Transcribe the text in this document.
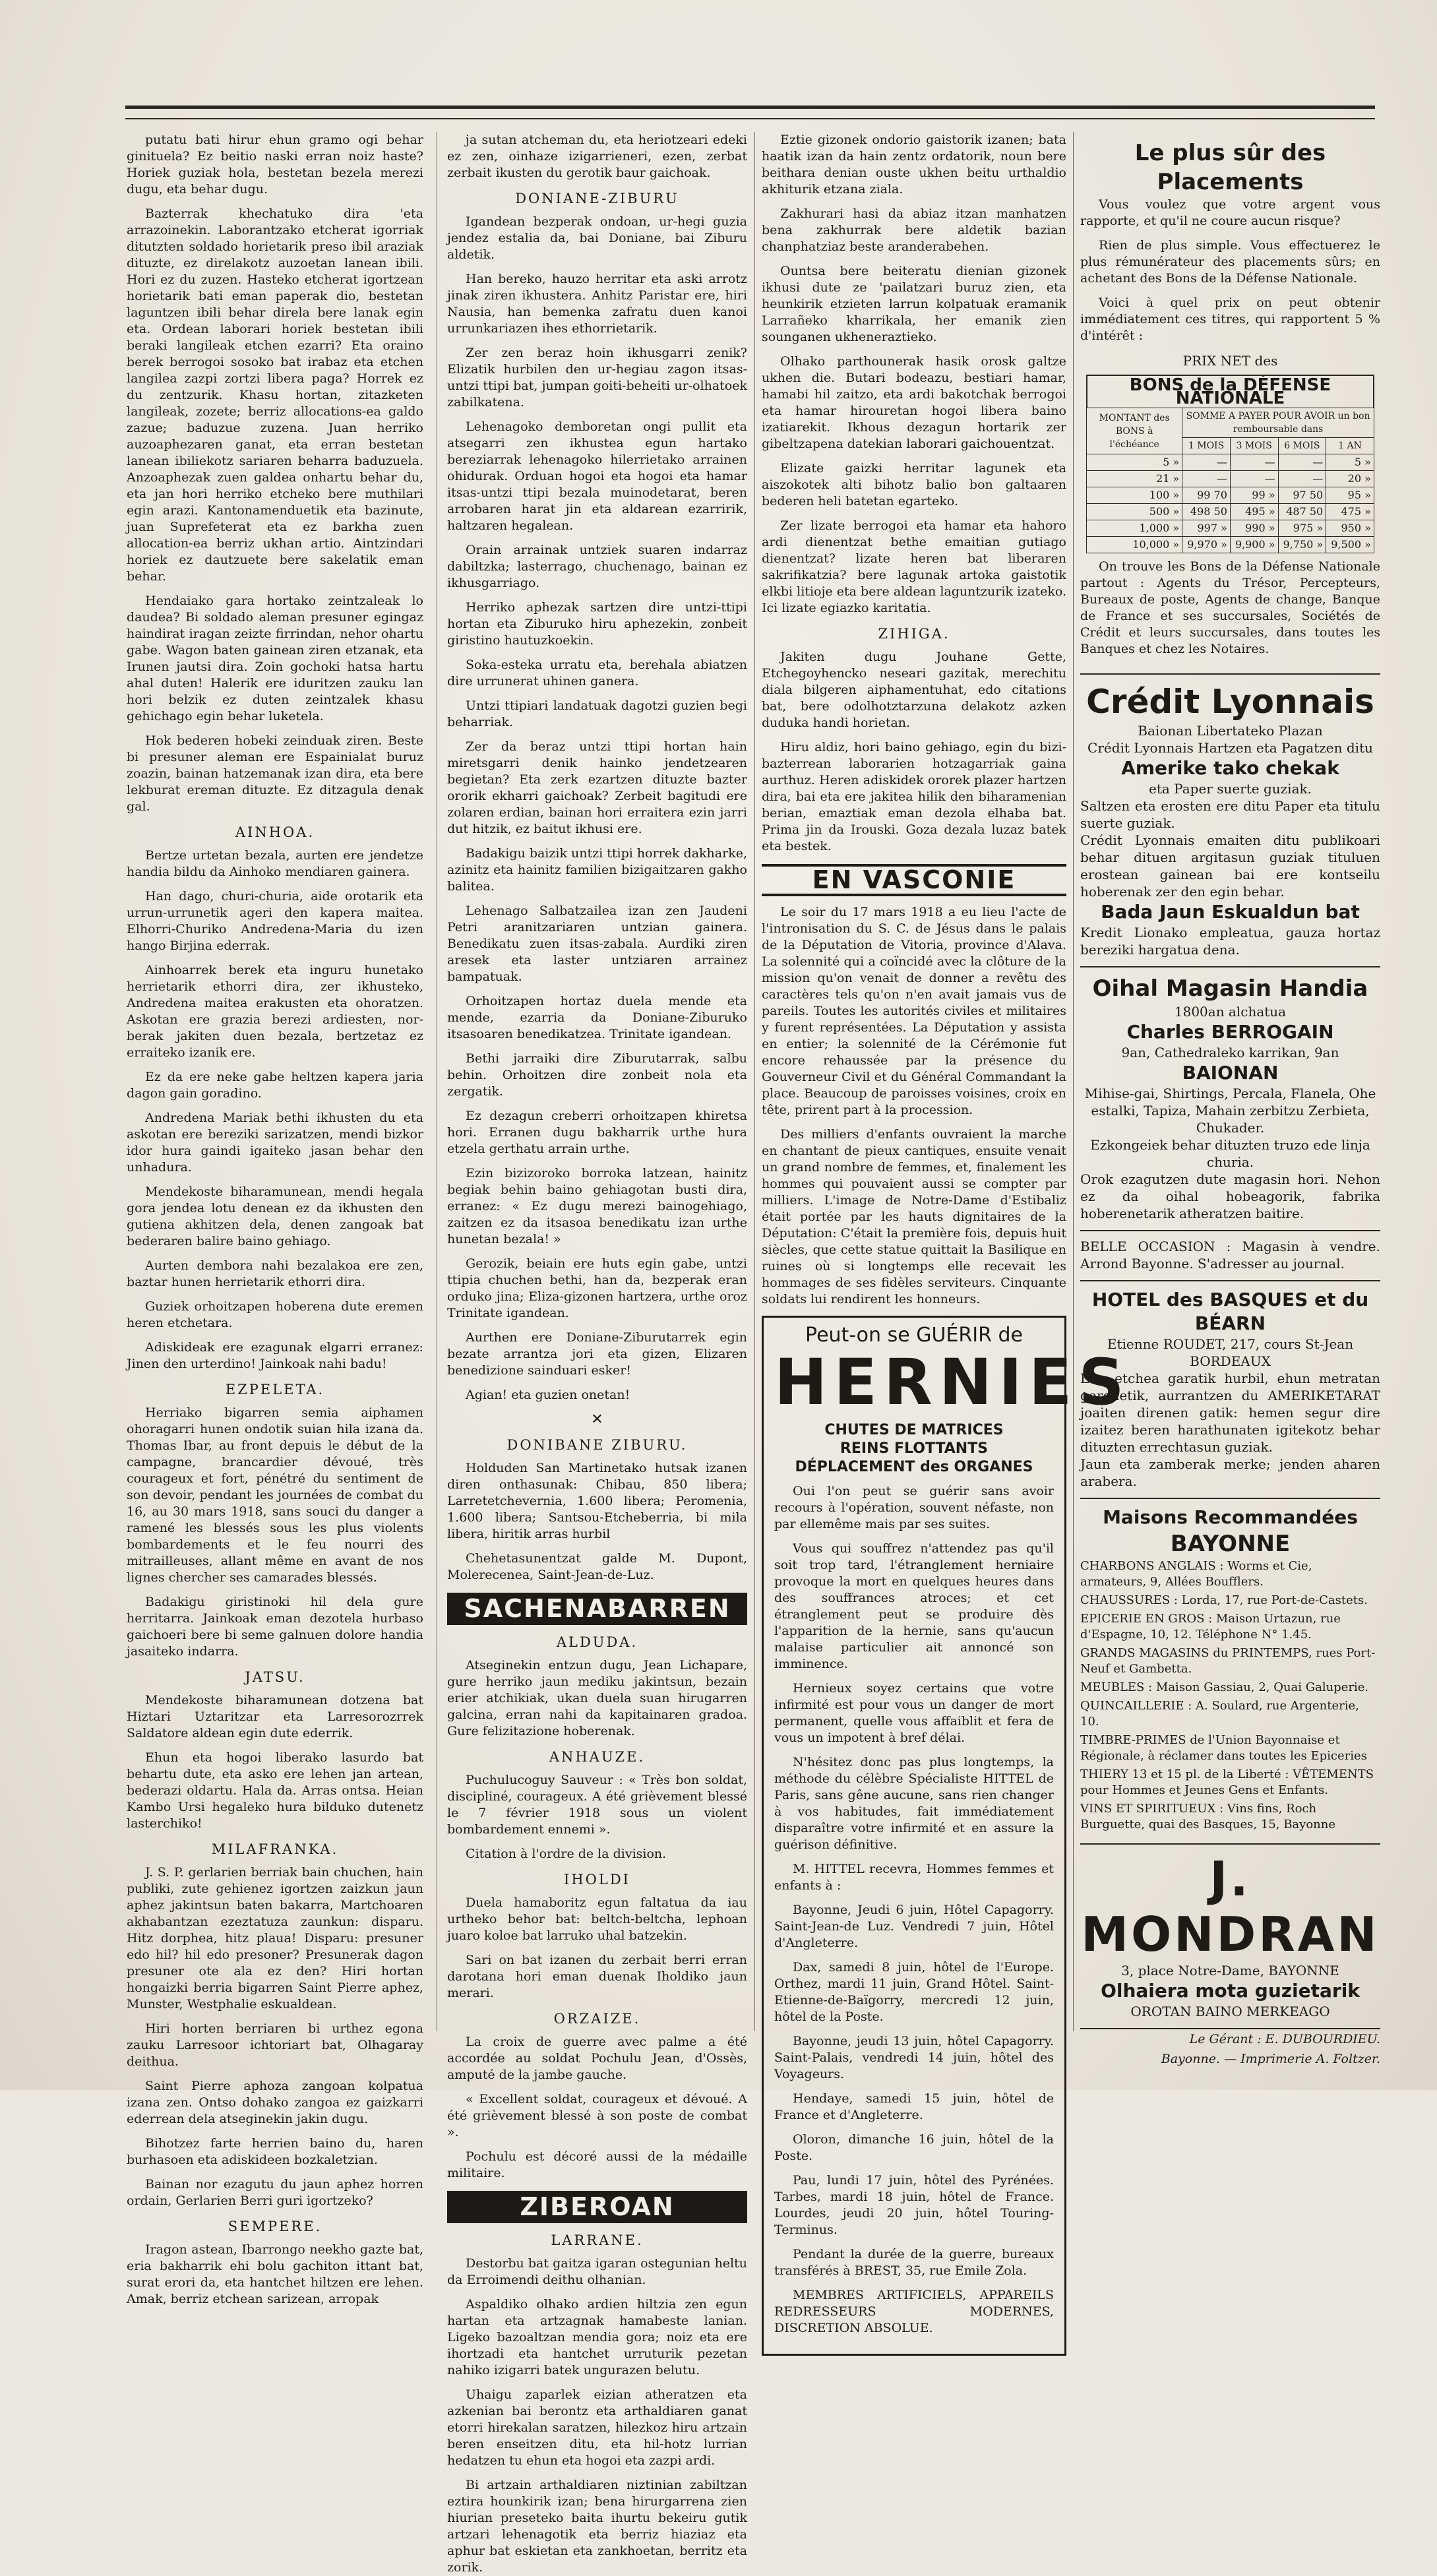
putatu bati hirur ehun gramo ogi behar ginituela? Ez beitio naski erran noiz haste? Horiek guziak hola, bestetan bezela merezi dugu, eta behar dugu.

Bazterrak khechatuko dira 'eta arrazoinekin. Laborantzako etcherat igorriak ditutzten soldado horietarik preso ibil araziak dituzte, ez direlakotz auzoetan lanean ibili. Hori ez du zuzen. Hasteko etcherat igortzean horietarik bati eman paperak dio, bestetan laguntzen ibili behar direla bere lanak egin eta. Ordean laborari horiek bestetan ibili beraki langileak etchen ezarri? Eta oraino berek berrogoi sosoko bat irabaz eta etchen langilea zazpi zortzi libera paga? Horrek ez du zentzurik. Khasu hortan, zitazketen langileak, zozete; berriz allocations-ea galdo zazue; baduzue zuzena. Juan herriko auzoaphezaren ganat, eta erran bestetan lanean ibiliekotz sariaren beharra baduzuela. Anzoaphezak zuen galdea onhartu behar du, eta jan hori herriko etcheko bere muthilari egin arazi. Kantonamenduetik eta bazinute, juan Suprefeterat eta ez barkha zuen allocation-ea berriz ukhan artio. Aintzindari horiek ez dautzuete bere sakelatik eman behar.

Hendaiako gara hortako zeintzaleak lo daudea? Bi soldado aleman presuner egingaz haindirat iragan zeizte firrindan, nehor ohartu gabe. Wagon baten gainean ziren etzanak, eta Irunen jautsi dira. Zoin gochoki hatsa hartu ahal duten! Halerik ere iduritzen zauku lan hori belzik ez duten zeintzalek khasu gehichago egin behar luketela.

Hok bederen hobeki zeinduak ziren. Beste bi presuner aleman ere Espainialat buruz zoazin, bainan hatzemanak izan dira, eta bere lekburat ereman dituzte. Ez ditzagula denak gal.

AINHOA.

Bertze urtetan bezala, aurten ere jendetze handia bildu da Ainhoko mendiaren gainera.

Han dago, churi-churia, aide orotarik eta urrun-urrunetik ageri den kapera maitea. Elhorri-Churiko Andredena-Maria du izen hango Birjina ederrak.

Ainhoarrek berek eta inguru hunetako herrietarik ethorri dira, zer ikhusteko, Andredena maitea erakusten eta ohoratzen. Askotan ere grazia berezi ardiesten, nor-berak jakiten duen bezala, bertzetaz ez erraiteko izanik ere.

Ez da ere neke gabe heltzen kapera jaria dagon gain goradino.

Andredena Mariak bethi ikhusten du eta askotan ere bereziki sarizatzen, mendi bizkor idor hura gaindi igaiteko jasan behar den unhadura.

Mendekoste biharamunean, mendi hegala gora jendea lotu denean ez da ikhusten den gutiena akhitzen dela, denen zangoak bat bederaren balire baino gehiago.

Aurten dembora nahi bezalakoa ere zen, baztar hunen herrietarik ethorri dira.

Guziek orhoitzapen hoberena dute eremen heren etchetara.

Adiskideak ere ezagunak elgarri erranez: Jinen den urterdino! Jainkoak nahi badu!

EZPELETA.

Herriako bigarren semia aiphamen ohoragarri hunen ondotik suian hila izana da. Thomas Ibar, au front depuis le début de la campagne, brancardier dévoué, très courageux et fort, pénétré du sentiment de son devoir, pendant les journées de combat du 16, au 30 mars 1918, sans souci du danger a ramené les blessés sous les plus violents bombardements et le feu nourri des mitrailleuses, allant même en avant de nos lignes chercher ses camarades blessés.

Badakigu giristinoki hil dela gure herritarra. Jainkoak eman dezotela hurbaso gaichoeri bere bi seme galnuen dolore handia jasaiteko indarra.

JATSU.

Mendekoste biharamunean dotzena bat Hiztari Uztaritzar eta Larresorozrrek Saldatore aldean egin dute ederrik.

Ehun eta hogoi liberako lasurdo bat behartu dute, eta asko ere lehen jan artean, bederazi oldartu. Hala da. Arras ontsa. Heian Kambo Ursi hegaleko hura bilduko dutenetz lasterchiko!

MILAFRANKA.

J. S. P. gerlarien berriak bain chuchen, hain publiki, zute gehienez igortzen zaizkun jaun aphez jakintsun baten bakarra, Martchoaren akhabantzan ezeztatuza zaunkun: disparu. Hitz dorphea, hitz plaua! Disparu: presuner edo hil? hil edo presoner? Presunerak dagon presuner ote ala ez den? Hiri hortan hongaizki berria bigarren Saint Pierre aphez, Munster, Westphalie eskualdean.

Hiri horten berriaren bi urthez egona zauku Larresoor ichtoriart bat, Olhagaray deithua.

Saint Pierre aphoza zangoan kolpatua izana zen. Ontso dohako zangoa ez gaizkarri ederrean dela atseginekin jakin dugu.

Bihotzez farte herrien baino du, haren burhasoen eta adiskideen bozkaletzian.

Bainan nor ezagutu du jaun aphez horren ordain, Gerlarien Berri guri igortzeko?

SEMPERE.

Iragon astean, Ibarrongo neekho gazte bat, eria bakharrik ehi bolu gachiton ittant bat, surat erori da, eta hantchet hiltzen ere lehen. Amak, berriz etchean sarizean, arropak

ja sutan atcheman du, eta heriotzeari edeki ez zen, oinhaze izigarrieneri, ezen, zerbat zerbait ikusten du gerotik baur gaichoak.

DONIANE-ZIBURU

Igandean bezperak ondoan, ur-hegi guzia jendez estalia da, bai Doniane, bai Ziburu aldetik.

Han bereko, hauzo herritar eta aski arrotz jinak ziren ikhustera. Anhitz Paristar ere, hiri Nausia, han bemenka zafratu duen kanoi urrunkariazen ihes ethorrietarik.

Zer zen beraz hoin ikhusgarri zenik? Elizatik hurbilen den ur-hegiau zagon itsas-untzi ttipi bat, jumpan goiti-beheiti ur-olhatoek zabilkatena.

Lehenagoko demboretan ongi pullit eta atsegarri zen ikhustea egun hartako bereziarrak lehenagoko hilerrietako arrainen ohidurak. Orduan hogoi eta hogoi eta hamar itsas-untzi ttipi bezala muinodetarat, beren arrobaren harat jin eta aldarean ezarririk, haltzaren hegalean.

Orain arrainak untziek suaren indarraz dabiltzka; lasterrago, chuchenago, bainan ez ikhusgarriago.

Herriko aphezak sartzen dire untzi-ttipi hortan eta Ziburuko hiru aphezekin, zonbeit giristino hautuzkoekin.

Soka-esteka urratu eta, berehala abiatzen dire urrunerat uhinen ganera.

Untzi ttipiari landatuak dagotzi guzien begi beharriak.

Zer da beraz untzi ttipi hortan hain miretsgarri denik hainko jendetzearen begietan? Eta zerk ezartzen dituzte bazter ororik ekharri gaichoak? Zerbeit bagitudi ere zolaren erdian, bainan hori erraitera ezin jarri dut hitzik, ez baitut ikhusi ere.

Badakigu baizik untzi ttipi horrek dakharke, azinitz eta hainitz familien bizigaitzaren gakho balitea.

Lehenago Salbatzailea izan zen Jaudeni Petri aranitzariaren untzian gainera. Benedikatu zuen itsas-zabala. Aurdiki ziren aresek eta laster untziaren arrainez bampatuak.

Orhoitzapen hortaz duela mende eta mende, ezarria da Doniane-Ziburuko itsasoaren benedikatzea. Trinitate igandean.

Bethi jarraiki dire Ziburutarrak, salbu behin. Orhoitzen dire zonbeit nola eta zergatik.

Ez dezagun creberri orhoitzapen khiretsa hori. Erranen dugu bakharrik urthe hura etzela gerthatu arrain urthe.

Ezin bizizoroko borroka latzean, hainitz begiak behin baino gehiagotan busti dira, erranez: « Ez dugu merezi bainogehiago, zaitzen ez da itsasoa benedikatu izan urthe hunetan bezala! »

Gerozik, beiain ere huts egin gabe, untzi ttipia chuchen bethi, han da, bezperak eran orduko jina; Eliza-gizonen hartzera, urthe oroz Trinitate igandean.

Aurthen ere Doniane-Ziburutarrek egin bezate arrantza jori eta gizen, Elizaren benedizione sainduari esker!

Agian! eta guzien onetan!

✕
DONIBANE ZIBURU.

Holduden San Martinetako hutsak izanen diren onthasunak: Chibau, 850 libera; Larretetchevernia, 1.600 libera; Peromenia, 1.600 libera; Santsou-Etcheberria, bi mila libera, hiritik arras hurbil

Chehetasunentzat galde M. Dupont, Molerecenea, Saint-Jean-de-Luz.

SACHENABARREN
ALDUDA.

Atseginekin entzun dugu, Jean Lichapare, gure herriko jaun mediku jakintsun, bezain erier atchikiak, ukan duela suan hirugarren galcina, erran nahi da kapitainaren gradoa. Gure felizitazione hoberenak.

ANHAUZE.

Puchulucoguy Sauveur : « Très bon soldat, discipliné, courageux. A été grièvement blessé le 7 février 1918 sous un violent bombardement ennemi ».

Citation à l'ordre de la division.

IHOLDI

Duela hamaboritz egun faltatua da iau urtheko behor bat: beltch-beltcha, lephoan juaro koloe bat larruko uhal batzekin.

Sari on bat izanen du zerbait berri erran darotana hori eman duenak Iholdiko jaun merari.

ORZAIZE.

La croix de guerre avec palme a été accordée au soldat Pochulu Jean, d'Ossès, amputé de la jambe gauche.

« Excellent soldat, courageux et dévoué. A été grièvement blessé à son poste de combat ».

Pochulu est décoré aussi de la médaille militaire.

ZIBEROAN
LARRANE.

Destorbu bat gaitza igaran ostegunian heltu da Erroimendi deithu olhanian.

Aspaldiko olhako ardien hiltzia zen egun hartan eta artzagnak hamabeste lanian. Ligeko bazoaltzan mendia gora; noiz eta ere ihortzadi eta hantchet urruturik pezetan nahiko izigarri batek ungurazen belutu.

Uhaigu zaparlek eizian atheratzen eta azkenian bai berontz eta arthaldiaren ganat etorri hirekalan saratzen, hilezkoz hiru artzain beren enseitzen ditu, eta hil-hotz lurrian hedatzen tu ehun eta hogoi eta zazpi ardi.

Bi artzain arthaldiaren niztinian zabiltzan eztira hounkirik izan; bena hirurgarrena zien hiurian preseteko baita ihurtu bekeiru gutik artzari lehenagotik eta berriz hiaziaz eta aphur bat eskietan eta zankhoetan, berritz eta zorik.

Eztie gizonek ondorio gaistorik izanen; bata haatik izan da hain zentz ordatorik, noun bere beithara denian ouste ukhen beitu urthaldio akhiturik etzana ziala.

Zakhurari hasi da abiaz itzan manhatzen bena zakhurrak bere aldetik bazian chanphatziaz beste aranderabehen.

Ountsa bere beiteratu dienian gizonek ikhusi dute ze 'pailatzari buruz zien, eta heunkirik etzieten larrun kolpatuak eramanik Larrañeko kharrikala, her emanik zien sounganen ukheneraztieko.

Olhako parthounerak hasik orosk galtze ukhen die. Butari bodeazu, bestiari hamar, hamabi hil zaitzo, eta ardi bakotchak berrogoi eta hamar hirouretan hogoi libera baino izatiarekit. Ikhous dezagun hortarik zer gibeltzapena datekian laborari gaichouentzat.

Elizate gaizki herritar lagunek eta aiszokotek alti bihotz balio bon galtaaren bederen heli batetan egarteko.

Zer lizate berrogoi eta hamar eta hahoro ardi dienentzat bethe emaitian gutiago dienentzat? lizate heren bat liberaren sakrifikatzia? bere lagunak artoka gaistotik elkbi litioje eta bere aldean laguntzurik izateko. Ici lizate egiazko karitatia.

ZIHIGA.

Jakiten dugu Jouhane Gette, Etchegoyhencko neseari gazitak, merechitu diala bilgeren aiphamentuhat, edo citations bat, bere odolhotztarzuna delakotz azken duduka handi horietan.

Hiru aldiz, hori baino gehiago, egin du bizi-bazterrean laborarien hotzagarriak gaina aurthuz. Heren adiskidek ororek plazer hartzen dira, bai eta ere jakitea hilik den biharamenian berian, emaztiak eman dezola elhaba bat. Prima jin da Irouski. Goza dezala luzaz batek eta bestek.

EN VASCONIE

Le soir du 17 mars 1918 a eu lieu l'acte de l'intronisation du S. C. de Jésus dans le palais de la Députation de Vitoria, province d'Alava. La solennité qui a coïncidé avec la clôture de la mission qu'on venait de donner a revêtu des caractères tels qu'on n'en avait jamais vus de pareils. Toutes les autorités civiles et militaires y furent représentées. La Députation y assista en entier; la solennité de la Cérémonie fut encore rehaussée par la présence du Gouverneur Civil et du Général Commandant la place. Beaucoup de paroisses voisines, croix en tête, prirent part à la procession.

Des milliers d'enfants ouvraient la marche en chantant de pieux cantiques, ensuite venait un grand nombre de femmes, et, finalement les hommes qui pouvaient aussi se compter par milliers. L'image de Notre-Dame d'Estibaliz était portée par les hauts dignitaires de la Députation: C'était la première fois, depuis huit siècles, que cette statue quittait la Basilique en ruines où si longtemps elle recevait les hommages de ses fidèles serviteurs. Cinquante soldats lui rendirent les honneurs.

Peut-on se GUÉRIR de
HERNIES
CHUTES DE MATRICES
REINS FLOTTANTS
DÉPLACEMENT des ORGANES

Oui l'on peut se guérir sans avoir recours à l'opération, souvent néfaste, non par ellemême mais par ses suites.

Vous qui souffrez n'attendez pas qu'il soit trop tard, l'étranglement herniaire provoque la mort en quelques heures dans des souffrances atroces; et cet étranglement peut se produire dès l'apparition de la hernie, sans qu'aucun malaise particulier ait annoncé son imminence.

Hernieux soyez certains que votre infirmité est pour vous un danger de mort permanent, quelle vous affaiblit et fera de vous un impotent à bref délai.

N'hésitez donc pas plus longtemps, la méthode du célèbre Spécialiste HITTEL de Paris, sans gêne aucune, sans rien changer à vos habitudes, fait immédiatement disparaître votre infirmité et en assure la guérison définitive.

M. HITTEL recevra, Hommes femmes et enfants à :

Bayonne, Jeudi 6 juin, Hôtel Capagorry. Saint-Jean-de Luz. Vendredi 7 juin, Hôtel d'Angleterre.

Dax, samedi 8 juin, hôtel de l'Europe. Orthez, mardi 11 juin, Grand Hôtel. Saint-Etienne-de-Baïgorry, mercredi 12 juin, hôtel de la Poste.

Bayonne, jeudi 13 juin, hôtel Capagorry. Saint-Palais, vendredi 14 juin, hôtel des Voyageurs.

Hendaye, samedi 15 juin, hôtel de France et d'Angleterre.

Oloron, dimanche 16 juin, hôtel de la Poste.

Pau, lundi 17 juin, hôtel des Pyrénées. Tarbes, mardi 18 juin, hôtel de France. Lourdes, jeudi 20 juin, hôtel Touring-Terminus.

Pendant la durée de la guerre, bureaux transférés à BREST, 35, rue Emile Zola.

MEMBRES ARTIFICIELS, APPAREILS REDRESSEURS MODERNES, DISCRETION ABSOLUE.

Le plus sûr des Placements

Vous voulez que votre argent vous rapporte, et qu'il ne coure aucun risque?

Rien de plus simple. Vous effectuerez le plus rémunérateur des placements sûrs; en achetant des Bons de la Défense Nationale.

Voici à quel prix on peut obtenir immédiatement ces titres, qui rapportent 5 % d'intérêt :

PRIX NET des
BONS de la DÉFENSE NATIONALE
MONTANT des BONS à l'échéance	SOMME A PAYER POUR AVOIR un bon remboursable dans			
	1 MOIS	3 MOIS	6 MOIS	1 AN
5 »	—	—	—	5 »
21 »	—	—	—	20 »
100 »	99 70	99 »	97 50	95 »
500 »	498 50	495 »	487 50	475 »
1,000 »	997 »	990 »	975 »	950 »
10,000 »	9,970 »	9,900 »	9,750 »	9,500 »

On trouve les Bons de la Défense Nationale partout : Agents du Trésor, Percepteurs, Bureaux de poste, Agents de change, Banque de France et ses succursales, Sociétés de Crédit et leurs succursales, dans toutes les Banques et chez les Notaires.

Crédit Lyonnais
Baionan Libertateko Plazan
Crédit Lyonnais Hartzen eta Pagatzen ditu
Amerike tako chekak
eta Paper suerte guziak.
Saltzen eta erosten ere ditu Paper eta titulu suerte guziak.
Crédit Lyonnais emaiten ditu publikoari behar dituen argitasun guziak tituluen erostean gainean bai ere kontseilu hoberenak zer den egin behar.
Bada Jaun Eskualdun bat
Kredit Lionako empleatua, gauza hortaz bereziki hargatua dena.
Oihal Magasin Handia
1800an alchatua
Charles BERROGAIN
9an, Cathedraleko karrikan, 9an
BAIONAN
Mihise-gai, Shirtings, Percala, Flanela, Ohe estalki, Tapiza, Mahain zerbitzu Zerbieta, Chukader.
Ezkongeiek behar dituzten truzo ede linja churia.
Orok ezagutzen dute magasin hori. Nehon ez da oihal hobeagorik, fabrika hoberenetarik atheratzen baitire.
BELLE OCCASION : Magasin à vendre. Arrond Bayonne. S'adresser au journal.
HOTEL des BASQUES et du BÉARN
Etienne ROUDET, 217, cours St-Jean
BORDEAUX
Ene etchea garatik hurbil, ehun metratan goronetik, aurrantzen du AMERIKETARAT joaiten direnen gatik: hemen segur dire izaitez beren harathunaten igitekotz behar dituzten errechtasun guziak.
Jaun eta zamberak merke; jenden aharen arabera.
Maisons Recommandées
BAYONNE
CHARBONS ANGLAIS : Worms et Cie, armateurs, 9, Allées Boufflers.
CHAUSSURES : Lorda, 17, rue Port-de-Castets.
EPICERIE EN GROS : Maison Urtazun, rue d'Espagne, 10, 12. Téléphone N° 1.45.
GRANDS MAGASINS du PRINTEMPS, rues Port-Neuf et Gambetta.
MEUBLES : Maison Gassiau, 2, Quai Galuperie.
QUINCAILLERIE : A. Soulard, rue Argenterie, 10.
TIMBRE-PRIMES de l'Union Bayonnaise et Régionale, à réclamer dans toutes les Epiceries
THIERY 13 et 15 pl. de la Liberté : VÊTEMENTS pour Hommes et Jeunes Gens et Enfants.
VINS ET SPIRITUEUX : Vins fins, Roch Burguette, quai des Basques, 15, Bayonne
J. MONDRAN
3, place Notre-Dame, BAYONNE
Olhaiera mota guzietarik
OROTAN BAINO MERKEAGO
Le Gérant : E. DUBOURDIEU.
Bayonne. — Imprimerie A. Foltzer.
